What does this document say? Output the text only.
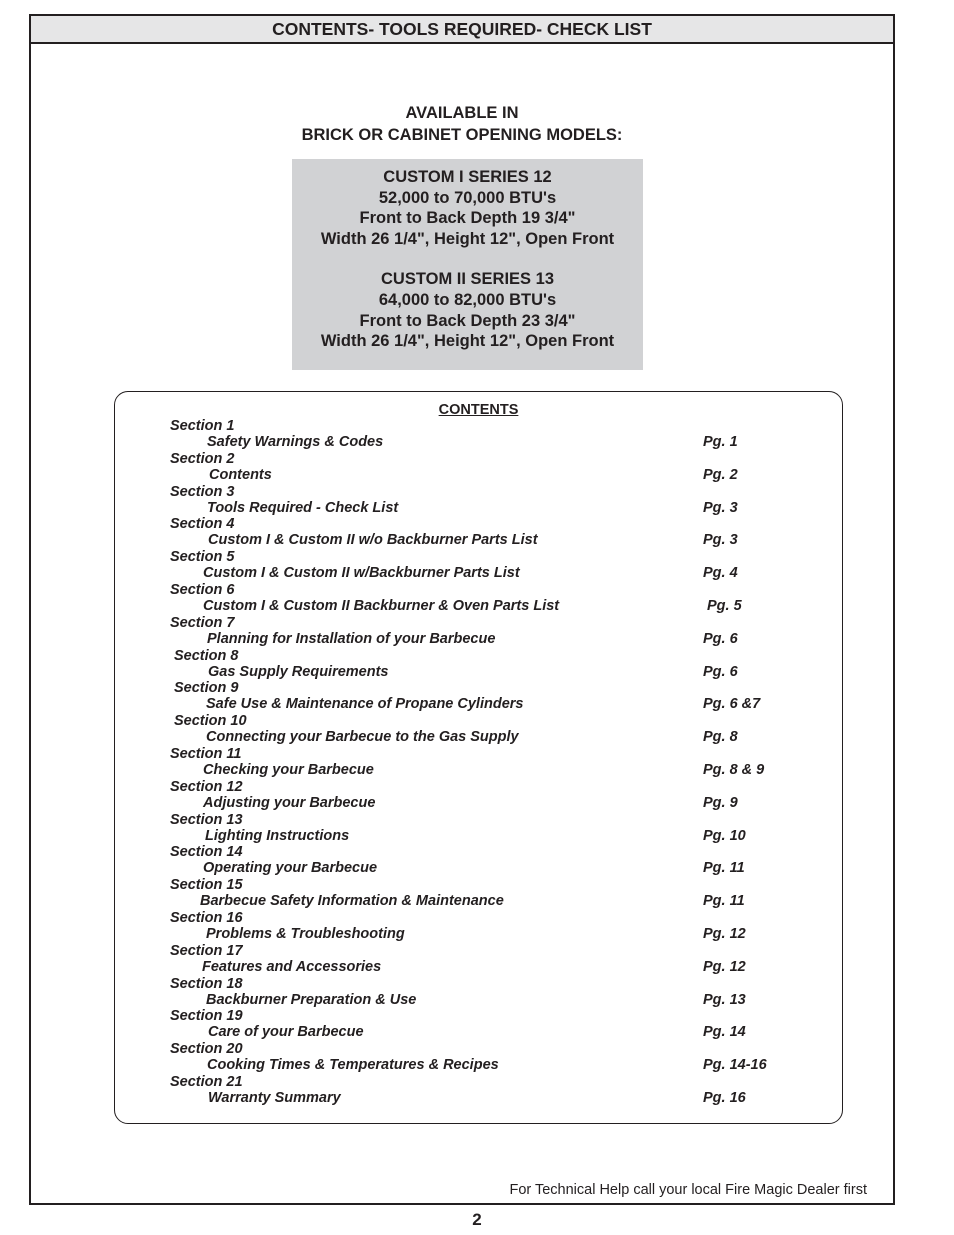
CONTENTS- TOOLS REQUIRED- CHECK LIST
AVAILABLE IN
BRICK OR CABINET OPENING MODELS:
CUSTOM I SERIES 12
52,000 to 70,000 BTU's
Front to Back Depth 19 3/4"
Width 26 1/4", Height 12", Open Front
CUSTOM II SERIES 13
64,000 to 82,000 BTU's
Front to Back Depth 23 3/4"
Width 26 1/4", Height 12", Open Front
CONTENTS
Section 1
Safety Warnings & Codes	Pg. 1
Section 2
Contents	Pg. 2
Section 3
Tools Required - Check List	Pg. 3
Section 4
Custom I & Custom II w/o Backburner Parts List	Pg. 3
Section 5
Custom I & Custom II w/Backburner Parts List	Pg. 4
Section 6
Custom I & Custom II Backburner & Oven Parts List	Pg. 5
Section 7
Planning for Installation of your Barbecue	Pg. 6
Section 8
Gas Supply Requirements	Pg. 6
Section 9
Safe Use & Maintenance of Propane Cylinders	Pg. 6 &7
Section 10
Connecting your Barbecue to the Gas Supply	Pg. 8
Section 11
Checking your Barbecue	Pg. 8 & 9
Section 12
Adjusting your Barbecue	Pg. 9
Section 13
Lighting Instructions	Pg. 10
Section 14
Operating your Barbecue	Pg. 11
Section 15
Barbecue Safety Information & Maintenance	Pg. 11
Section 16
Problems & Troubleshooting	Pg. 12
Section 17
Features and Accessories	Pg. 12
Section 18
Backburner Preparation & Use	Pg. 13
Section 19
Care of your Barbecue	Pg. 14
Section 20
Cooking Times & Temperatures & Recipes	Pg. 14-16
Section 21
Warranty Summary	Pg. 16
For Technical Help call your local Fire Magic Dealer first
2
